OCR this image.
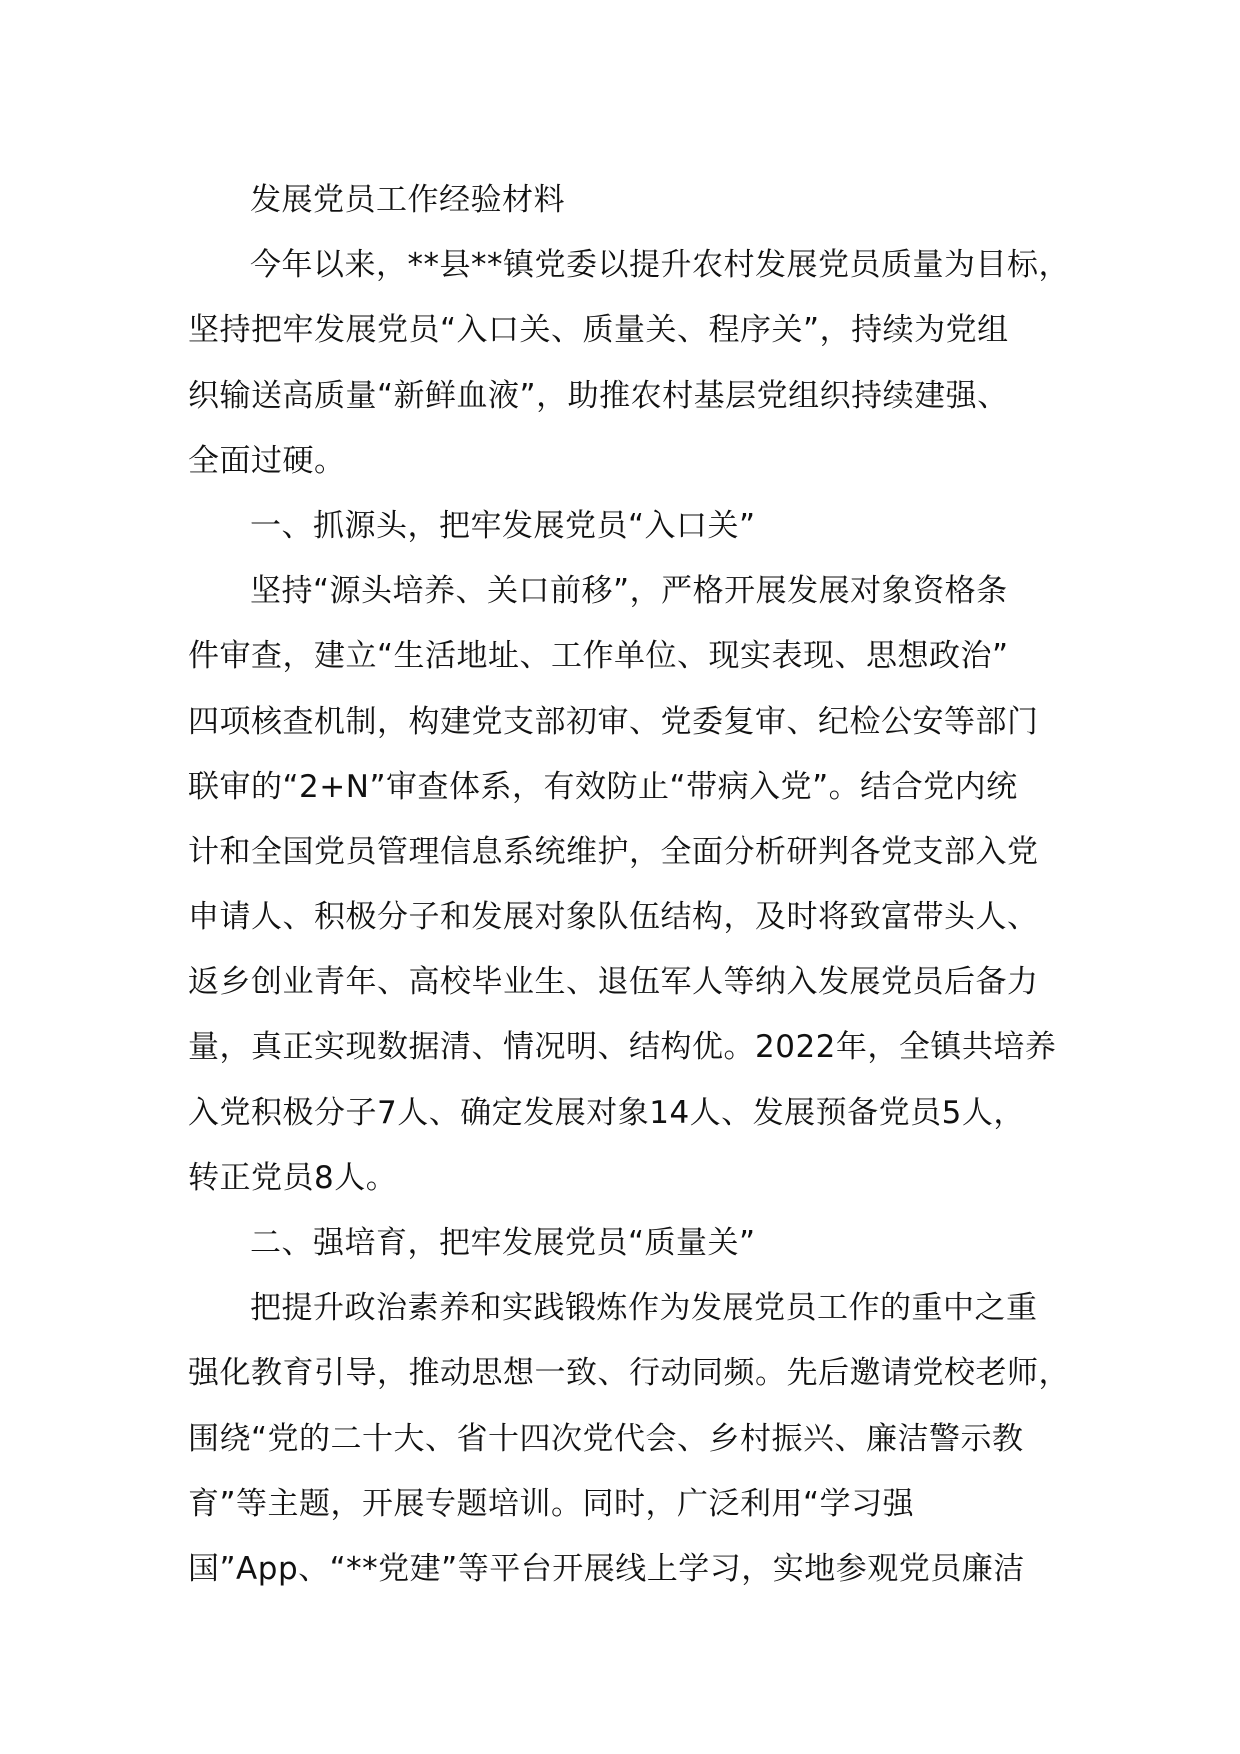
发展党员工作经验材料
今年以来，**县**镇党委以提升农村发展党员质量为目标，
坚持把牢发展党员“入口关、质量关、程序关”，持续为党组
织输送高质量“新鲜血液”，助推农村基层党组织持续建强、
全面过硬。
一、抓源头，把牢发展党员“入口关”
坚持“源头培养、关口前移”，严格开展发展对象资格条
件审查，建立“生活地址、工作单位、现实表现、思想政治”
四项核查机制，构建党支部初审、党委复审、纪检公安等部门
联审的“2+N”审查体系，有效防止“带病入党”。结合党内统
计和全国党员管理信息系统维护，全面分析研判各党支部入党
申请人、积极分子和发展对象队伍结构，及时将致富带头人、
返乡创业青年、高校毕业生、退伍军人等纳入发展党员后备力
量，真正实现数据清、情况明、结构优。2022年，全镇共培养
入党积极分子7人、确定发展对象14人、发展预备党员5人，
转正党员8人。
二、强培育，把牢发展党员“质量关”
把提升政治素养和实践锻炼作为发展党员工作的重中之重
强化教育引导，推动思想一致、行动同频。先后邀请党校老师，
围绕“党的二十大、省十四次党代会、乡村振兴、廉洁警示教
育”等主题，开展专题培训。同时，广泛利用“学习强
国”App、“**党建”等平台开展线上学习，实地参观党员廉洁
